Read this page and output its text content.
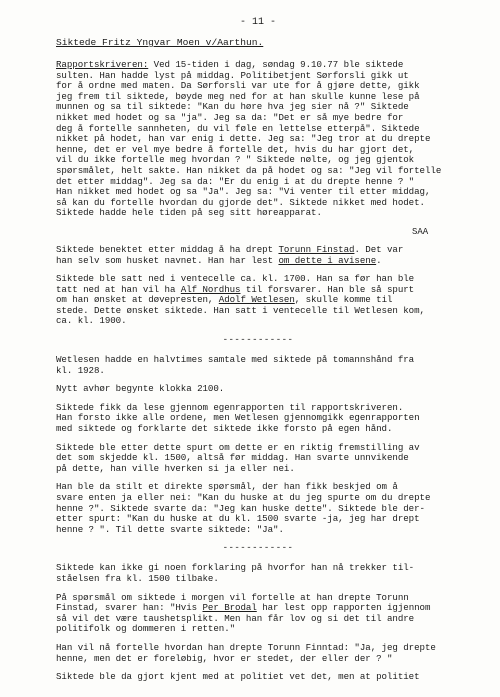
- 11 -
Siktede Fritz Yngvar Moen v/Aarthun.
Rapportskriveren: Ved 15-tiden i dag, søndag 9.10.77 ble siktede
sulten. Han hadde lyst på middag. Politibetjent Sørforsli gikk ut
for å ordne med maten. Da Sørforsli var ute for å gjøre dette, gikk
jeg frem til siktede, bøyde meg ned for at han skulle kunne lese på
munnen og sa til siktede: "Kan du høre hva jeg sier nå ?" Siktede
nikket med hodet og sa "ja". Jeg sa da: "Det er så mye bedre for
deg å fortelle sannheten, du vil føle en lettelse etterpå". Siktede
nikket på hodet, han var enig i dette. Jeg sa: "Jeg tror at du drepte
henne, det er vel mye bedre å fortelle det, hvis du har gjort det,
vil du ikke fortelle meg hvordan ? " Siktede nølte, og jeg gjentok
spørsmålet, helt sakte. Han nikket da på hodet og sa: "Jeg vil fortelle
det etter middag". Jeg sa da: "Er du enig i at du drepte henne ? "
Han nikket med hodet og sa "Ja". Jeg sa: "Vi venter til etter middag,
så kan du fortelle hvordan du gjorde det". Siktede nikket med hodet.
Siktede hadde hele tiden på seg sitt høreapparat.
SAA
Siktede benektet etter middag å ha drept Torunn Finstad. Det var
han selv som husket navnet. Han har lest om dette i avisene.
Siktede ble satt ned i ventecelle ca. kl. 1700. Han sa før han ble
tatt ned at han vil ha Alf Nordhus til forsvarer. Han ble så spurt
om han ønsket at døvepresten, Adolf Wetlesen, skulle komme til
stede. Dette ønsket siktede. Han satt i ventecelle til Wetlesen kom,
ca. kl. 1900.
------------
Wetlesen hadde en halvtimes samtale med siktede på tomannshånd fra
kl. 1928.
Nytt avhør begynte klokka 2100.
Siktede fikk da lese gjennom egenrapporten til rapportskriveren.
Han forsto ikke alle ordene, men Wetlesen gjennomgikk egenrapporten
med siktede og forklarte det siktede ikke forsto på egen hånd.
Siktede ble etter dette spurt om dette er en riktig fremstilling av
det som skjedde kl. 1500, altså før middag. Han svarte unnvikende
på dette, han ville hverken si ja eller nei.
Han ble da stilt et direkte spørsmål, der han fikk beskjed om å
svare enten ja eller nei: "Kan du huske at du jeg spurte om du drepte
henne ?". Siktede svarte da: "Jeg kan huske dette". Siktede ble der-
etter spurt: "Kan du huske at du kl. 1500 svarte -ja, jeg har drept
henne ? ". Til dette svarte siktede: "Ja".
------------
Siktede kan ikke gi noen forklaring på hvorfor han nå trekker til-
ståelsen fra kl. 1500 tilbake.
På spørsmål om siktede i morgen vil fortelle at han drepte Torunn
Finstad, svarer han: "Hvis Per Brodal har lest opp rapporten igjennom
så vil det være taushetsplikt. Men han får lov og si det til andre
politifolk og dommeren i retten."
Han vil nå fortelle hvordan han drepte Torunn Finntad: "Ja, jeg drepte
henne, men det er foreløbig, hvor er stedet, der eller der ? "
Siktede ble da gjort kjent med at politiet vet det, men at politiet
